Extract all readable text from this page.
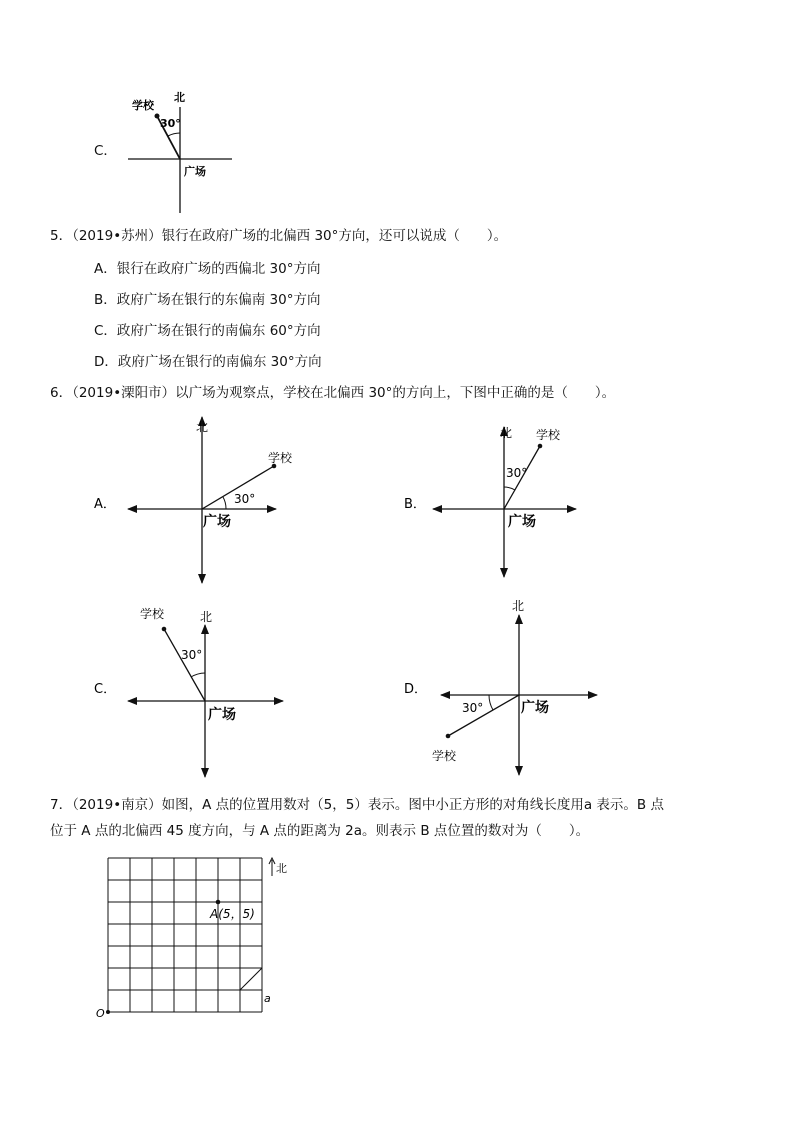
C．
北
学校
30°
广场
5．（2019•苏州）银行在政府广场的北偏西 30°方向，还可以说成（　　）。
A．银行在政府广场的西偏北 30°方向
B．政府广场在银行的东偏南 30°方向
C．政府广场在银行的南偏东 60°方向
D．政府广场在银行的南偏东 30°方向
6．（2019•溧阳市）以广场为观察点，学校在北偏西 30°的方向上，下图中正确的是（　　）。
北
学校
30°
广场
A．
北 学校
30°
广场
B．
北
学校
30°
广场
C．
北
学校
30°	广场
D．
7．（2019•南京）如图，A 点的位置用数对（5，5）表示。图中小正方形的对角线长度用a 表示。B 点
位于 A 点的北偏西 45 度方向，与 A 点的距离为 2a。则表示 B 点位置的数对为（　　）。
北
A(5，5)
O
a
